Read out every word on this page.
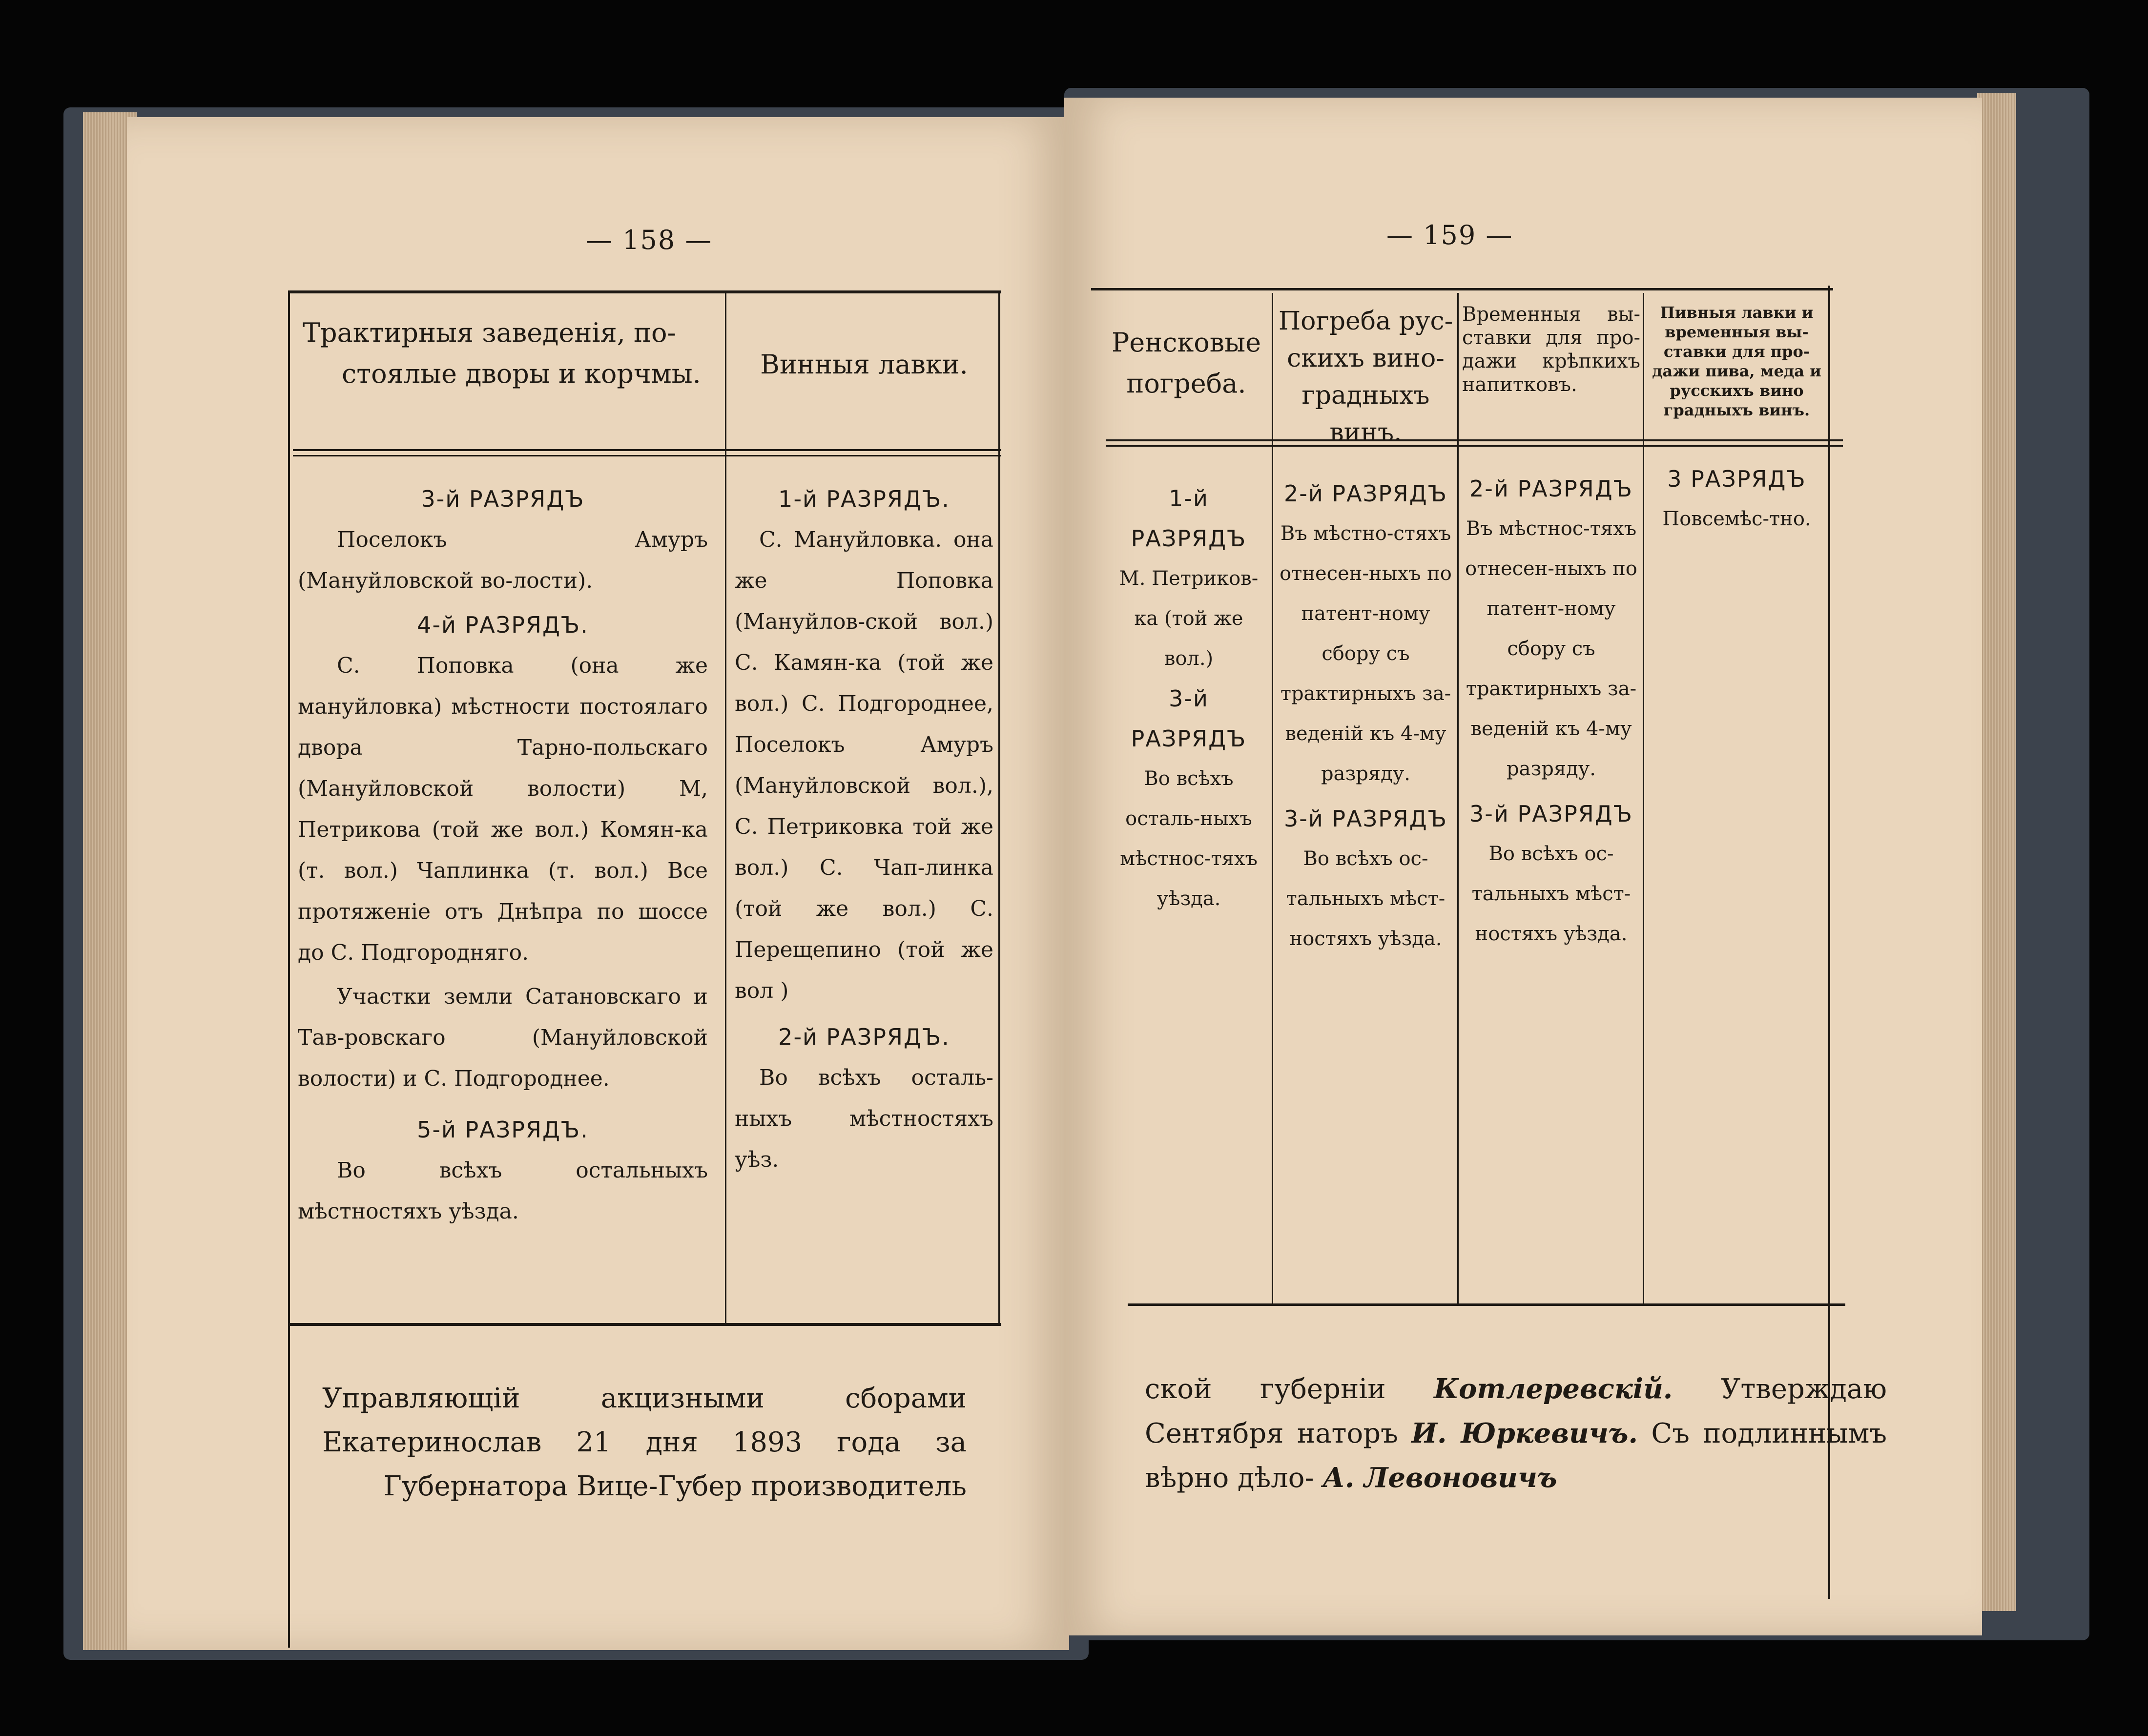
— 158 —
Трактирныя заведенія, по-
стоялые дворы и корчмы.	Винныя лавки.
3-й РАЗРЯДЪ

Поселокъ Амуръ (Мануйловской во-лости).

4-й РАЗРЯДЪ.

С. Поповка (она же мануйловка) мѣстности постоялаго двора Тарно-польскаго (Мануйловской волости) М, Петрикова (той же вол.) Комян-ка (т. вол.) Чаплинка (т. вол.) Все протяженіе отъ Днѣпра по шоссе до С. Подгородняго.

Участки земли Сатановскаго и Тав-ровскаго (Мануйловской волости) и С. Подгороднее.

5-й РАЗРЯДЪ.

Во всѣхъ остальныхъ мѣстностяхъ уѣзда.

1-й РАЗРЯДЪ.

С. Мануйловка. она же Поповка (Мануйлов-ской вол.) С. Камян-ка (той же вол.) С. Подгороднее, Поселокъ Амуръ (Мануйловской вол.), С. Петриковка той же вол.) С. Чап-линка (той же вол.) С. Перещепино (той же вол )

2-й РАЗРЯДЪ.

Во всѣхъ осталь-ныхъ мѣстностяхъ уѣз.

Управляющій акцизными сборами Екатеринослав 21 дня 1893 года за Губернатора Вице-Губер производитель
— 159 —
Ренсковые погреба.
Погреба рус-скихъ вино-градныхъ винъ.
Временныя вы-ставки для про-дажи крѣпкихъ напитковъ.
Пивныя лавки и временныя вы-ставки для про-дажи пива, меда и русскихъ вино градныхъ винъ.
1-й РАЗРЯДЪ

М. Петриков-ка (той же вол.)

3-й РАЗРЯДЪ

Во всѣхъ осталь-ныхъ мѣстнос-тяхъ уѣзда.

2-й РАЗРЯДЪ

Въ мѣстно-стяхъ отнесен-ныхъ по патент-ному сбору съ трактирныхъ за-веденій къ 4-му разряду.

3-й РАЗРЯДЪ

Во всѣхъ ос-тальныхъ мѣст-ностяхъ уѣзда.

2-й РАЗРЯДЪ

Въ мѣстнос-тяхъ отнесен-ныхъ по патент-ному сбору съ трактирныхъ за-веденій къ 4-му разряду.

3-й РАЗРЯДЪ

Во всѣхъ ос-тальныхъ мѣст-ностяхъ уѣзда.

3 РАЗРЯДЪ

Повсемѣс-тно.

ской губерніи Котлеревскій. Утверждаю Сентября наторъ И. Юркевичъ. Съ подлиннымъ вѣрно дѣло- А. Левоновичъ
